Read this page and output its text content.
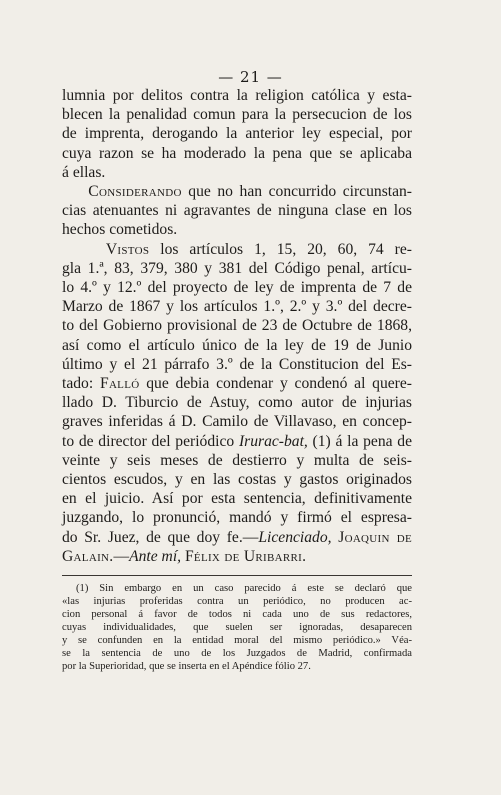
— 21 —
lumnia por delitos contra la religion católica y esta-
blecen la penalidad comun para la persecucion de los
de imprenta, derogando la anterior ley especial, por
cuya razon se ha moderado la pena que se aplicaba
á ellas.
Considerando que no han concurrido circunstan-
cias atenuantes ni agravantes de ninguna clase en los
hechos cometidos.
Vistos los artículos 1, 15, 20, 60, 74 re-
gla 1.ª, 83, 379, 380 y 381 del Código penal, artícu-
lo 4.º y 12.º del proyecto de ley de imprenta de 7 de
Marzo de 1867 y los artículos 1.º, 2.º y 3.º del decre-
to del Gobierno provisional de 23 de Octubre de 1868,
así como el artículo único de la ley de 19 de Junio
último y el 21 párrafo 3.º de la Constitucion del Es-
tado: Falló que debia condenar y condenó al quere-
llado D. Tiburcio de Astuy, como autor de injurias
graves inferidas á D. Camilo de Villavaso, en concep-
to de director del periódico Irurac-bat, (1) á la pena de
veinte y seis meses de destierro y multa de seis-
cientos escudos, y en las costas y gastos originados
en el juicio. Así por esta sentencia, definitivamente
juzgando, lo pronunció, mandó y firmó el espresa-
do Sr. Juez, de que doy fe.—Licenciado, Joaquin de
Galain.—Ante mí, Félix de Uribarri.
(1) Sin embargo en un caso parecido á este se declaró que
«las injurias proferidas contra un periódico, no producen ac-
cion personal á favor de todos ni cada uno de sus redactores,
cuyas individualidades, que suelen ser ignoradas, desaparecen
y se confunden en la entidad moral del mismo periódico.» Véa-
se la sentencia de uno de los Juzgados de Madrid, confirmada
por la Superioridad, que se inserta en el Apéndice fólio 27.
